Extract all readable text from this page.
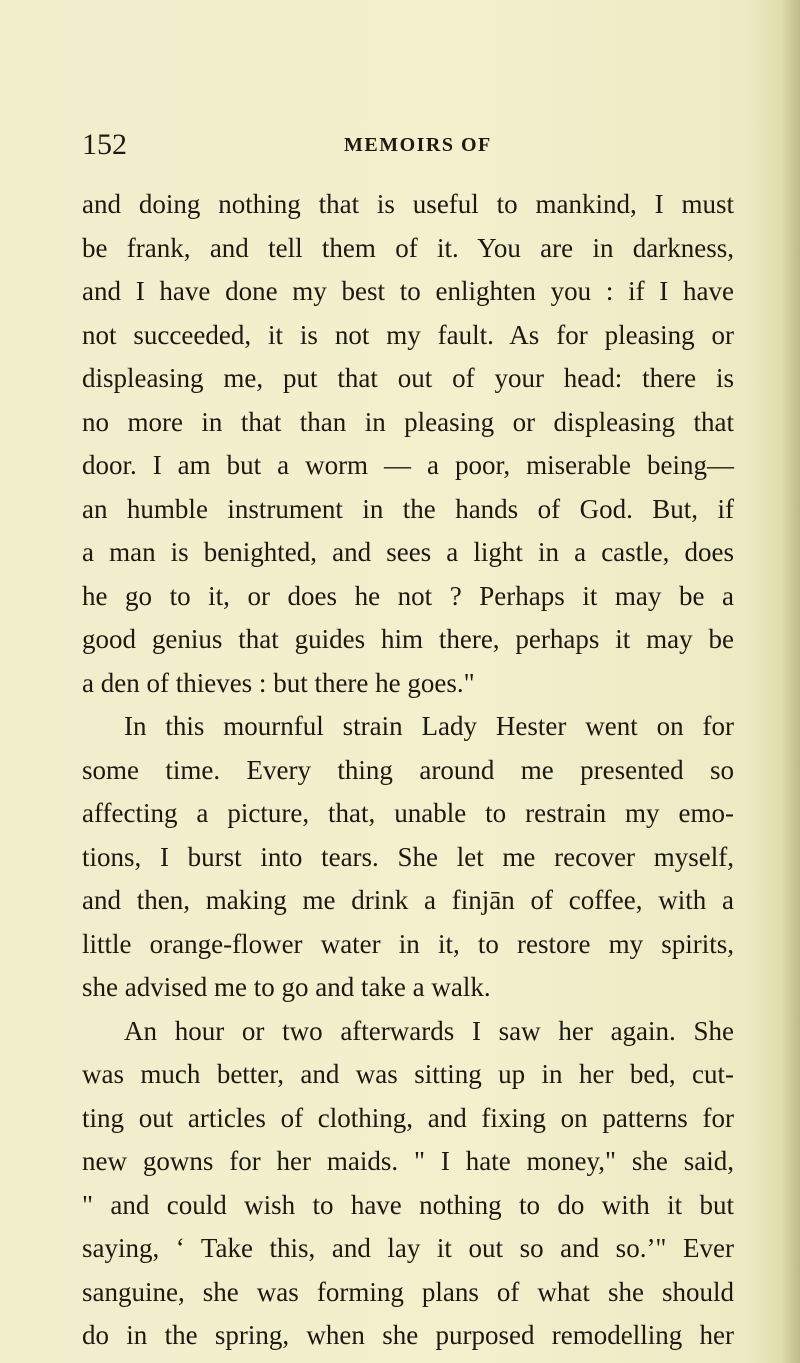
152	MEMOIRS OF
and doing nothing that is useful to mankind, I must
be frank, and tell them of it. You are in darkness,
and I have done my best to enlighten you : if I have
not succeeded, it is not my fault. As for pleasing or
displeasing me, put that out of your head: there is
no more in that than in pleasing or displeasing that
door. I am but a worm — a poor, miserable being—
an humble instrument in the hands of God. But, if
a man is benighted, and sees a light in a castle, does
he go to it, or does he not ? Perhaps it may be a
good genius that guides him there, perhaps it may be
a den of thieves : but there he goes."
In this mournful strain Lady Hester went on for
some time. Every thing around me presented so
affecting a picture, that, unable to restrain my emo-
tions, I burst into tears. She let me recover myself,
and then, making me drink a finjān of coffee, with a
little orange-flower water in it, to restore my spirits,
she advised me to go and take a walk.
An hour or two afterwards I saw her again. She
was much better, and was sitting up in her bed, cut-
ting out articles of clothing, and fixing on patterns for
new gowns for her maids. " I hate money," she said,
" and could wish to have nothing to do with it but
saying, ‘ Take this, and lay it out so and so.’" Ever
sanguine, she was forming plans of what she should
do in the spring, when she purposed remodelling her
